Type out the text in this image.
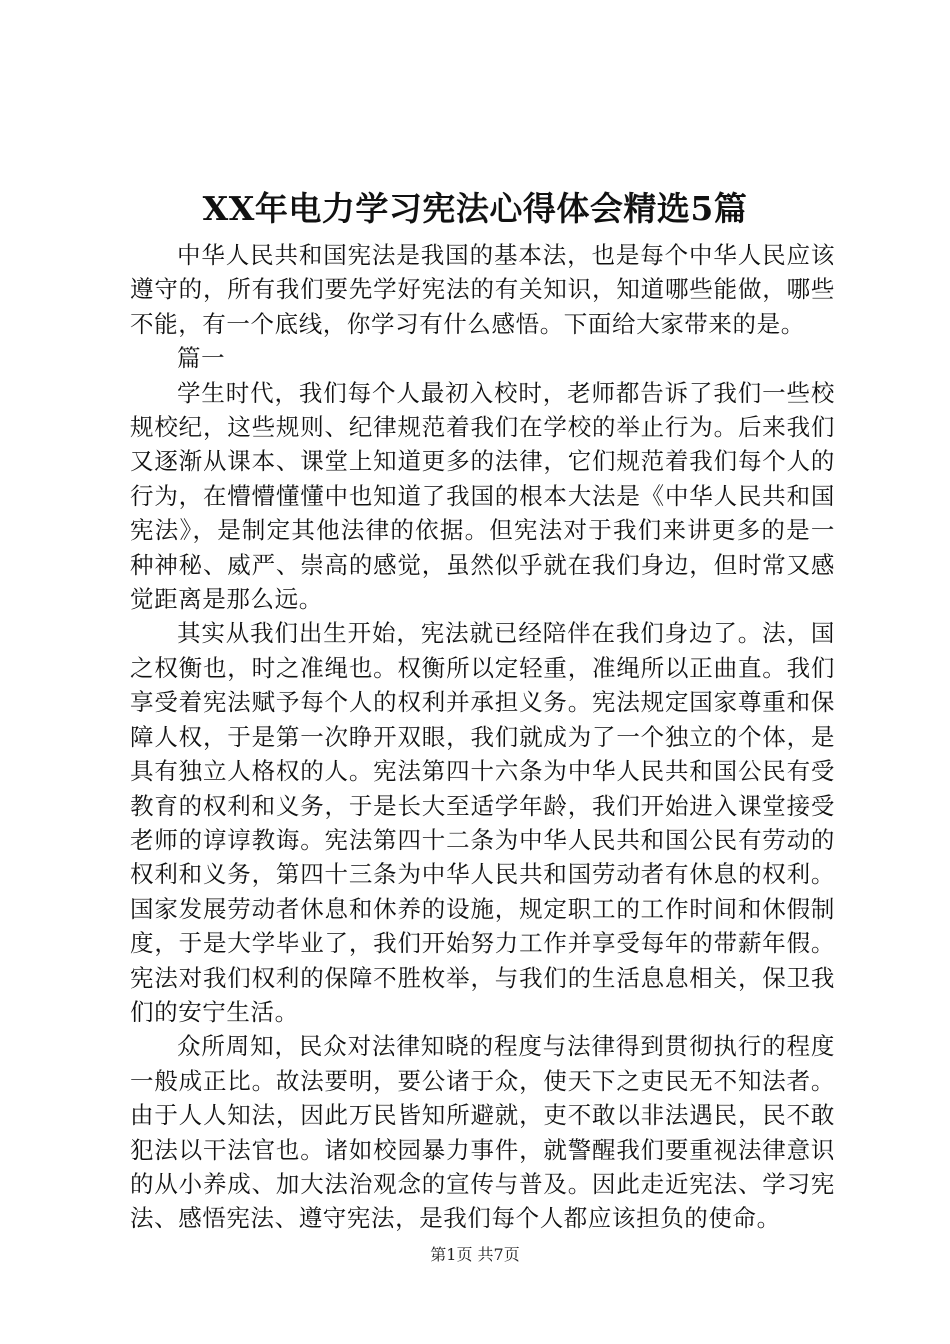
XX年电力学习宪法心得体会精选5篇

中华人民共和国宪法是我国的基本法，也是每个中华人民应该遵守的，所有我们要先学好宪法的有关知识，知道哪些能做，哪些不能，有一个底线，你学习有什么感悟。下面给大家带来的是。

篇一

学生时代，我们每个人最初入校时，老师都告诉了我们一些校规校纪，这些规则、纪律规范着我们在学校的举止行为。后来我们又逐渐从课本、课堂上知道更多的法律，它们规范着我们每个人的行为，在懵懵懂懂中也知道了我国的根本大法是《中华人民共和国宪法》，是制定其他法律的依据。但宪法对于我们来讲更多的是一种神秘、威严、崇高的感觉，虽然似乎就在我们身边，但时常又感觉距离是那么远。

其实从我们出生开始，宪法就已经陪伴在我们身边了。法，国之权衡也，时之准绳也。权衡所以定轻重，准绳所以正曲直。我们享受着宪法赋予每个人的权利并承担义务。宪法规定国家尊重和保障人权，于是第一次睁开双眼，我们就成为了一个独立的个体，是具有独立人格权的人。宪法第四十六条为中华人民共和国公民有受教育的权利和义务，于是长大至适学年龄，我们开始进入课堂接受老师的谆谆教诲。宪法第四十二条为中华人民共和国公民有劳动的权利和义务，第四十三条为中华人民共和国劳动者有休息的权利。国家发展劳动者休息和休养的设施，规定职工的工作时间和休假制度，于是大学毕业了，我们开始努力工作并享受每年的带薪年假。宪法对我们权利的保障不胜枚举，与我们的生活息息相关，保卫我们的安宁生活。

众所周知，民众对法律知晓的程度与法律得到贯彻执行的程度一般成正比。故法要明，要公诸于众，使天下之吏民无不知法者。由于人人知法，因此万民皆知所避就，吏不敢以非法遇民，民不敢犯法以干法官也。诸如校园暴力事件，就警醒我们要重视法律意识的从小养成、加大法治观念的宣传与普及。因此走近宪法、学习宪法、感悟宪法、遵守宪法，是我们每个人都应该担负的使命。

第1页 共7页
